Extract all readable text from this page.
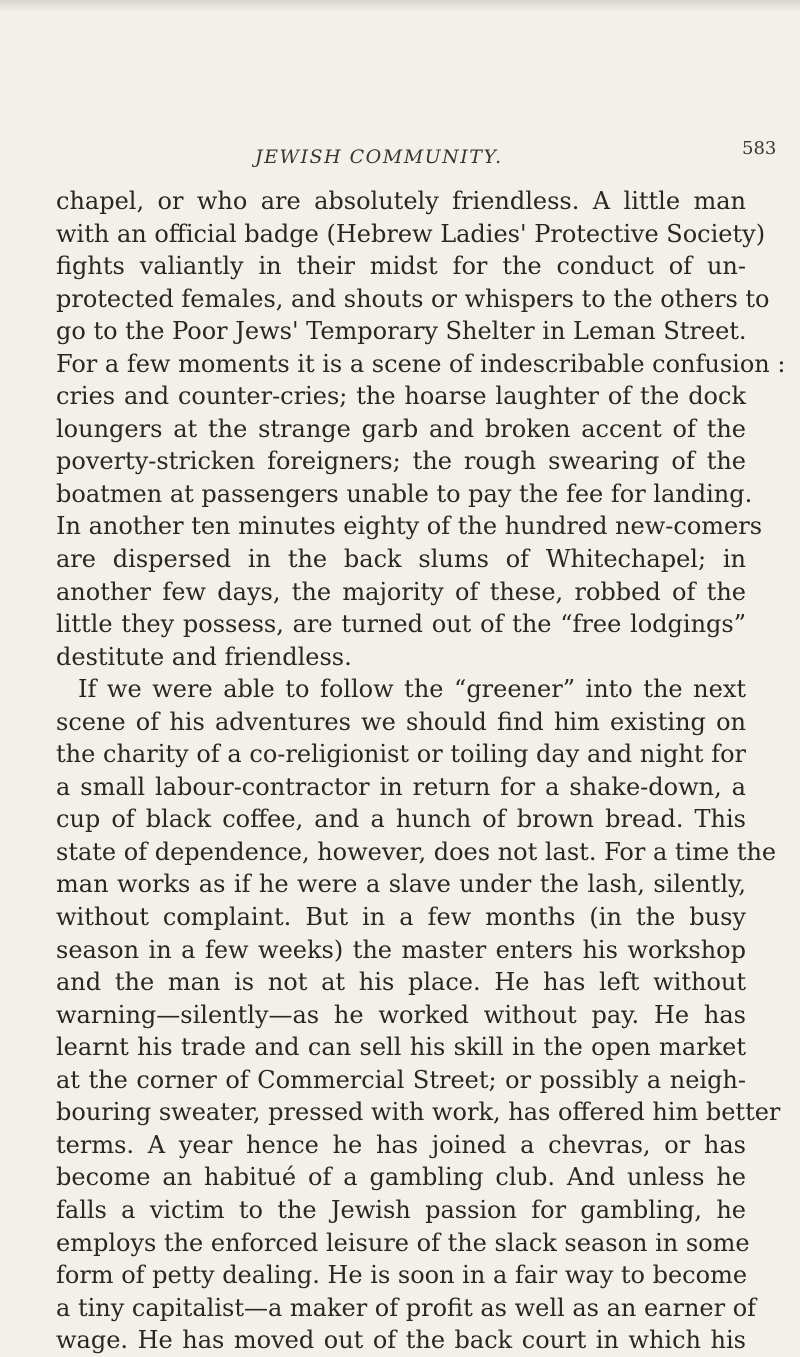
JEWISH COMMUNITY.	583
chapel, or who are absolutely friendless. A little man
with an official badge (Hebrew Ladies' Protective Society)
fights valiantly in their midst for the conduct of un-
protected females, and shouts or whispers to the others to
go to the Poor Jews' Temporary Shelter in Leman Street.
For a few moments it is a scene of indescribable confusion :
cries and counter-cries; the hoarse laughter of the dock
loungers at the strange garb and broken accent of the
poverty-stricken foreigners; the rough swearing of the
boatmen at passengers unable to pay the fee for landing.
In another ten minutes eighty of the hundred new-comers
are dispersed in the back slums of Whitechapel; in
another few days, the majority of these, robbed of the
little they possess, are turned out of the “free lodgings”
destitute and friendless.
If we were able to follow the “greener” into the next
scene of his adventures we should find him existing on
the charity of a co-religionist or toiling day and night for
a small labour-contractor in return for a shake-down, a
cup of black coffee, and a hunch of brown bread. This
state of dependence, however, does not last. For a time the
man works as if he were a slave under the lash, silently,
without complaint. But in a few months (in the busy
season in a few weeks) the master enters his workshop
and the man is not at his place. He has left without
warning—silently—as he worked without pay. He has
learnt his trade and can sell his skill in the open market
at the corner of Commercial Street; or possibly a neigh-
bouring sweater, pressed with work, has offered him better
terms. A year hence he has joined a chevras, or has
become an habitué of a gambling club. And unless he
falls a victim to the Jewish passion for gambling, he
employs the enforced leisure of the slack season in some
form of petty dealing. He is soon in a fair way to become
a tiny capitalist—a maker of profit as well as an earner of
wage. He has moved out of the back court in which his
